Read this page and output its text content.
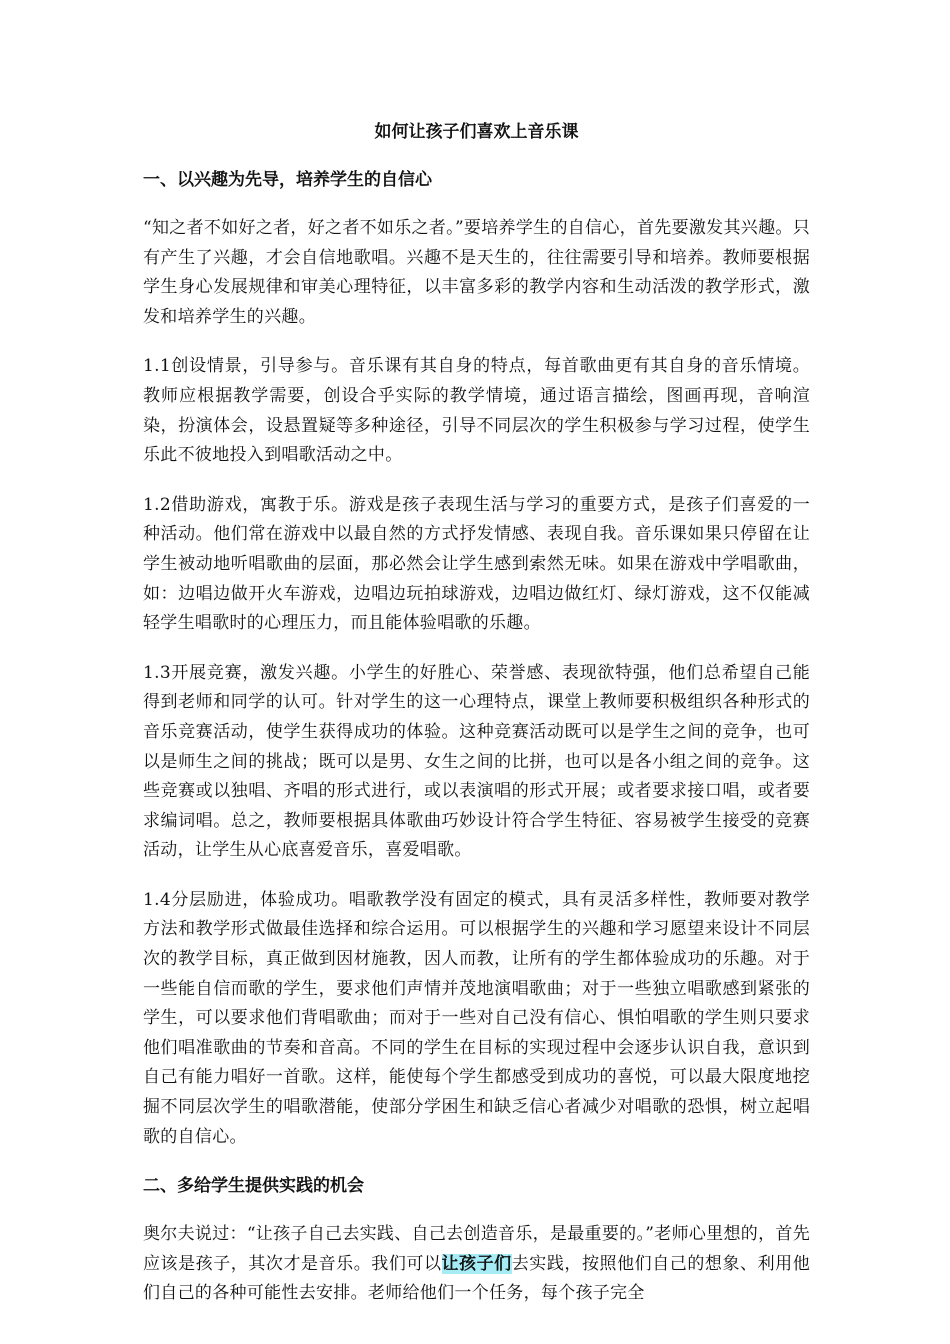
如何让孩子们喜欢上音乐课
一、以兴趣为先导，培养学生的自信心

“知之者不如好之者，好之者不如乐之者。”要培养学生的自信心，首先要激发其兴趣。只有产生了兴趣，才会自信地歌唱。兴趣不是天生的，往往需要引导和培养。教师要根据学生身心发展规律和审美心理特征，以丰富多彩的教学内容和生动活泼的教学形式，激发和培养学生的兴趣。

1.1创设情景，引导参与。音乐课有其自身的特点，每首歌曲更有其自身的音乐情境。教师应根据教学需要，创设合乎实际的教学情境，通过语言描绘，图画再现，音响渲染，扮演体会，设悬置疑等多种途径，引导不同层次的学生积极参与学习过程，使学生乐此不彼地投入到唱歌活动之中。

1.2借助游戏，寓教于乐。游戏是孩子表现生活与学习的重要方式，是孩子们喜爱的一种活动。他们常在游戏中以最自然的方式抒发情感、表现自我。音乐课如果只停留在让学生被动地听唱歌曲的层面，那必然会让学生感到索然无味。如果在游戏中学唱歌曲，如：边唱边做开火车游戏，边唱边玩拍球游戏，边唱边做红灯、绿灯游戏，这不仅能减轻学生唱歌时的心理压力，而且能体验唱歌的乐趣。

1.3开展竞赛，激发兴趣。小学生的好胜心、荣誉感、表现欲特强，他们总希望自己能得到老师和同学的认可。针对学生的这一心理特点，课堂上教师要积极组织各种形式的音乐竞赛活动，使学生获得成功的体验。这种竞赛活动既可以是学生之间的竞争，也可以是师生之间的挑战；既可以是男、女生之间的比拼，也可以是各小组之间的竞争。这些竞赛或以独唱、齐唱的形式进行，或以表演唱的形式开展；或者要求接口唱，或者要求编词唱。总之，教师要根据具体歌曲巧妙设计符合学生特征、容易被学生接受的竞赛活动，让学生从心底喜爱音乐，喜爱唱歌。

1.4分层励进，体验成功。唱歌教学没有固定的模式，具有灵活多样性，教师要对教学方法和教学形式做最佳选择和综合运用。可以根据学生的兴趣和学习愿望来设计不同层次的教学目标，真正做到因材施教，因人而教，让所有的学生都体验成功的乐趣。对于一些能自信而歌的学生，要求他们声情并茂地演唱歌曲；对于一些独立唱歌感到紧张的学生，可以要求他们背唱歌曲；而对于一些对自己没有信心、惧怕唱歌的学生则只要求他们唱准歌曲的节奏和音高。不同的学生在目标的实现过程中会逐步认识自我，意识到自己有能力唱好一首歌。这样，能使每个学生都感受到成功的喜悦，可以最大限度地挖掘不同层次学生的唱歌潜能，使部分学困生和缺乏信心者减少对唱歌的恐惧，树立起唱歌的自信心。

二、多给学生提供实践的机会

奥尔夫说过：“让孩子自己去实践、自己去创造音乐，是最重要的。”老师心里想的，首先应该是孩子，其次才是音乐。我们可以让孩子们去实践，按照他们自己的想象、利用他们自己的各种可能性去安排。老师给他们一个任务，每个孩子完全
